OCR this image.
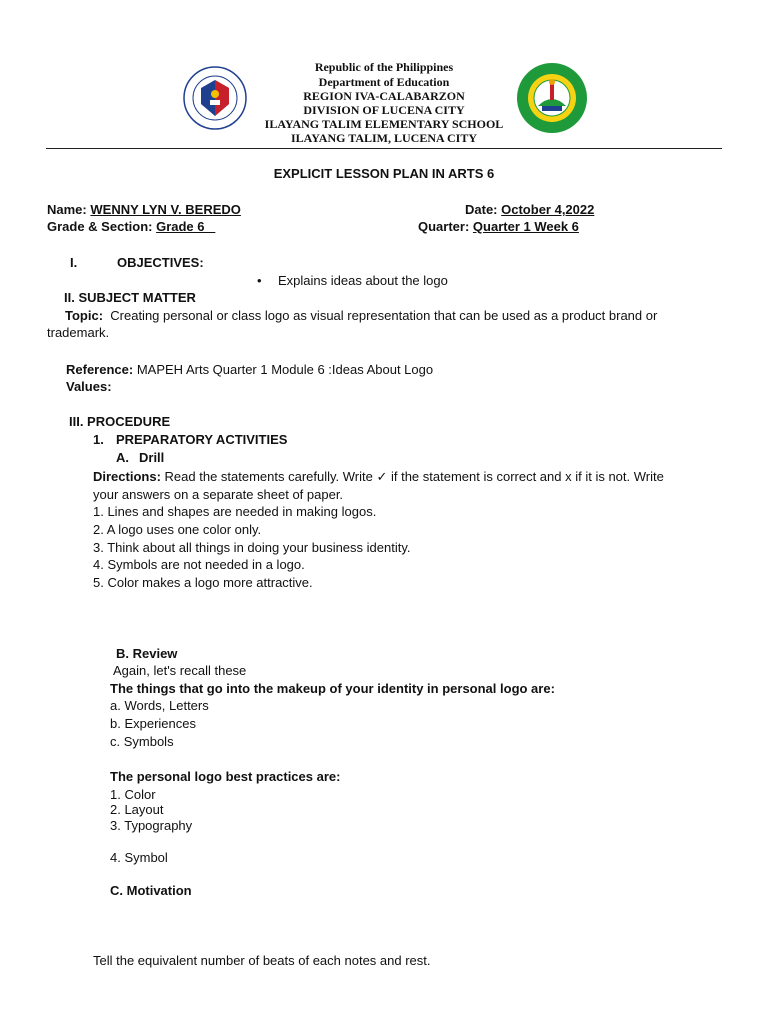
Republic of the Philippines
Department of Education
REGION IVA-CALABARZON
DIVISION OF LUCENA CITY
ILAYANG TALIM ELEMENTARY SCHOOL
ILAYANG TALIM, LUCENA CITY
EXPLICIT LESSON PLAN IN ARTS 6
Name: WENNY LYN V. BEREDO	Date: October 4,2022
Grade & Section: Grade 6	Quarter: Quarter 1 Week 6
I.	OBJECTIVES:
• Explains ideas about the logo
II. SUBJECT MATTER
Topic: Creating personal or class logo as visual representation that can be used as a product brand or
trademark.
Reference: MAPEH Arts Quarter 1 Module 6 :Ideas About Logo
Values:
III. PROCEDURE
1. PREPARATORY ACTIVITIES
A. Drill
Directions: Read the statements carefully. Write ✓ if the statement is correct and x if it is not. Write
your answers on a separate sheet of paper.
1. Lines and shapes are needed in making logos.
2. A logo uses one color only.
3. Think about all things in doing your business identity.
4. Symbols are not needed in a logo.
5. Color makes a logo more attractive.
B. Review
Again, let's recall these
The things that go into the makeup of your identity in personal logo are:
a. Words, Letters
b. Experiences
c. Symbols
The personal logo best practices are:
1. Color
2. Layout
3. Typography
4. Symbol
C. Motivation
Tell the equivalent number of beats of each notes and rest.
